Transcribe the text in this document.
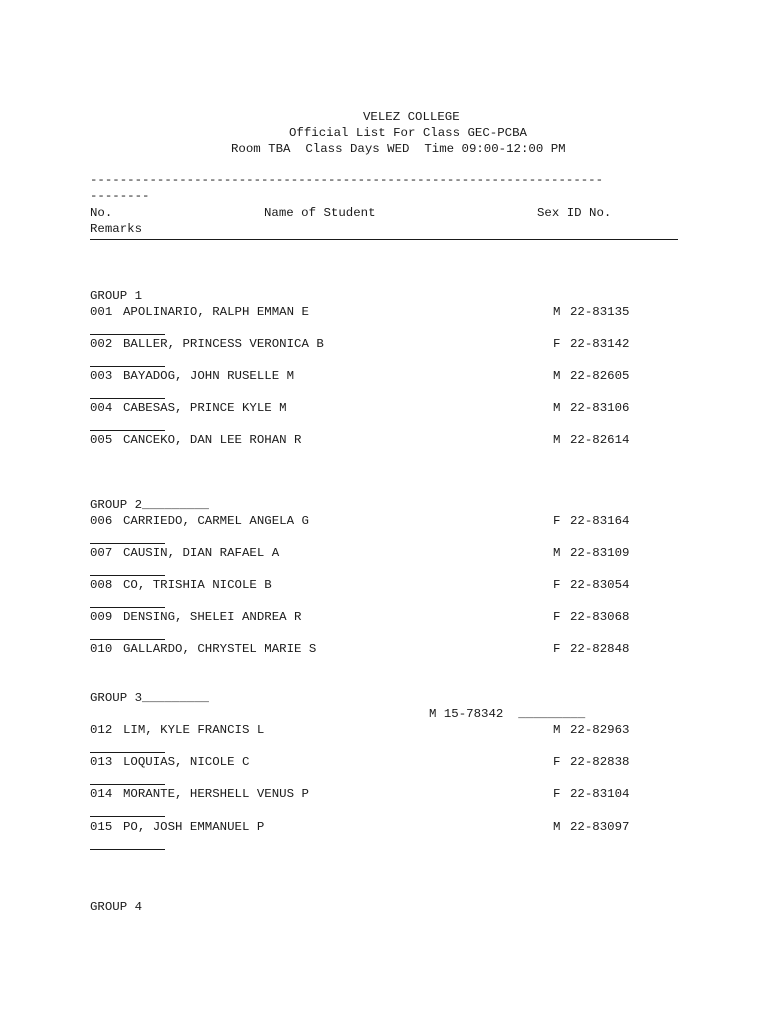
VELEZ COLLEGE
Official List For Class GEC-PCBA
Room TBA  Class Days WED  Time 09:00-12:00 PM
---------------------------------------------------------------------
--------
No.	Name of Student	Sex ID No.
Remarks
GROUP 1
001 APOLINARIO, RALPH EMMAN E	M 22-83135
002 BALLER, PRINCESS VERONICA B	F 22-83142
003 BAYADOG, JOHN RUSELLE M	M 22-82605
004 CABESAS, PRINCE KYLE M	M 22-83106
005 CANCEKO, DAN LEE ROHAN R	M 22-82614
GROUP 2_________
006 CARRIEDO, CARMEL ANGELA G	F 22-83164
007 CAUSIN, DIAN RAFAEL A	M 22-83109
008 CO, TRISHIA NICOLE B	F 22-83054
009 DENSING, SHELEI ANDREA R	F 22-83068
010 GALLARDO, CHRYSTEL MARIE S	F 22-82848
GROUP 3_________
M 15-78342  _________
012 LIM, KYLE FRANCIS L	M 22-82963
013 LOQUIAS, NICOLE C	F 22-82838
014 MORANTE, HERSHELL VENUS P	F 22-83104
015 PO, JOSH EMMANUEL P	M 22-83097
GROUP 4
